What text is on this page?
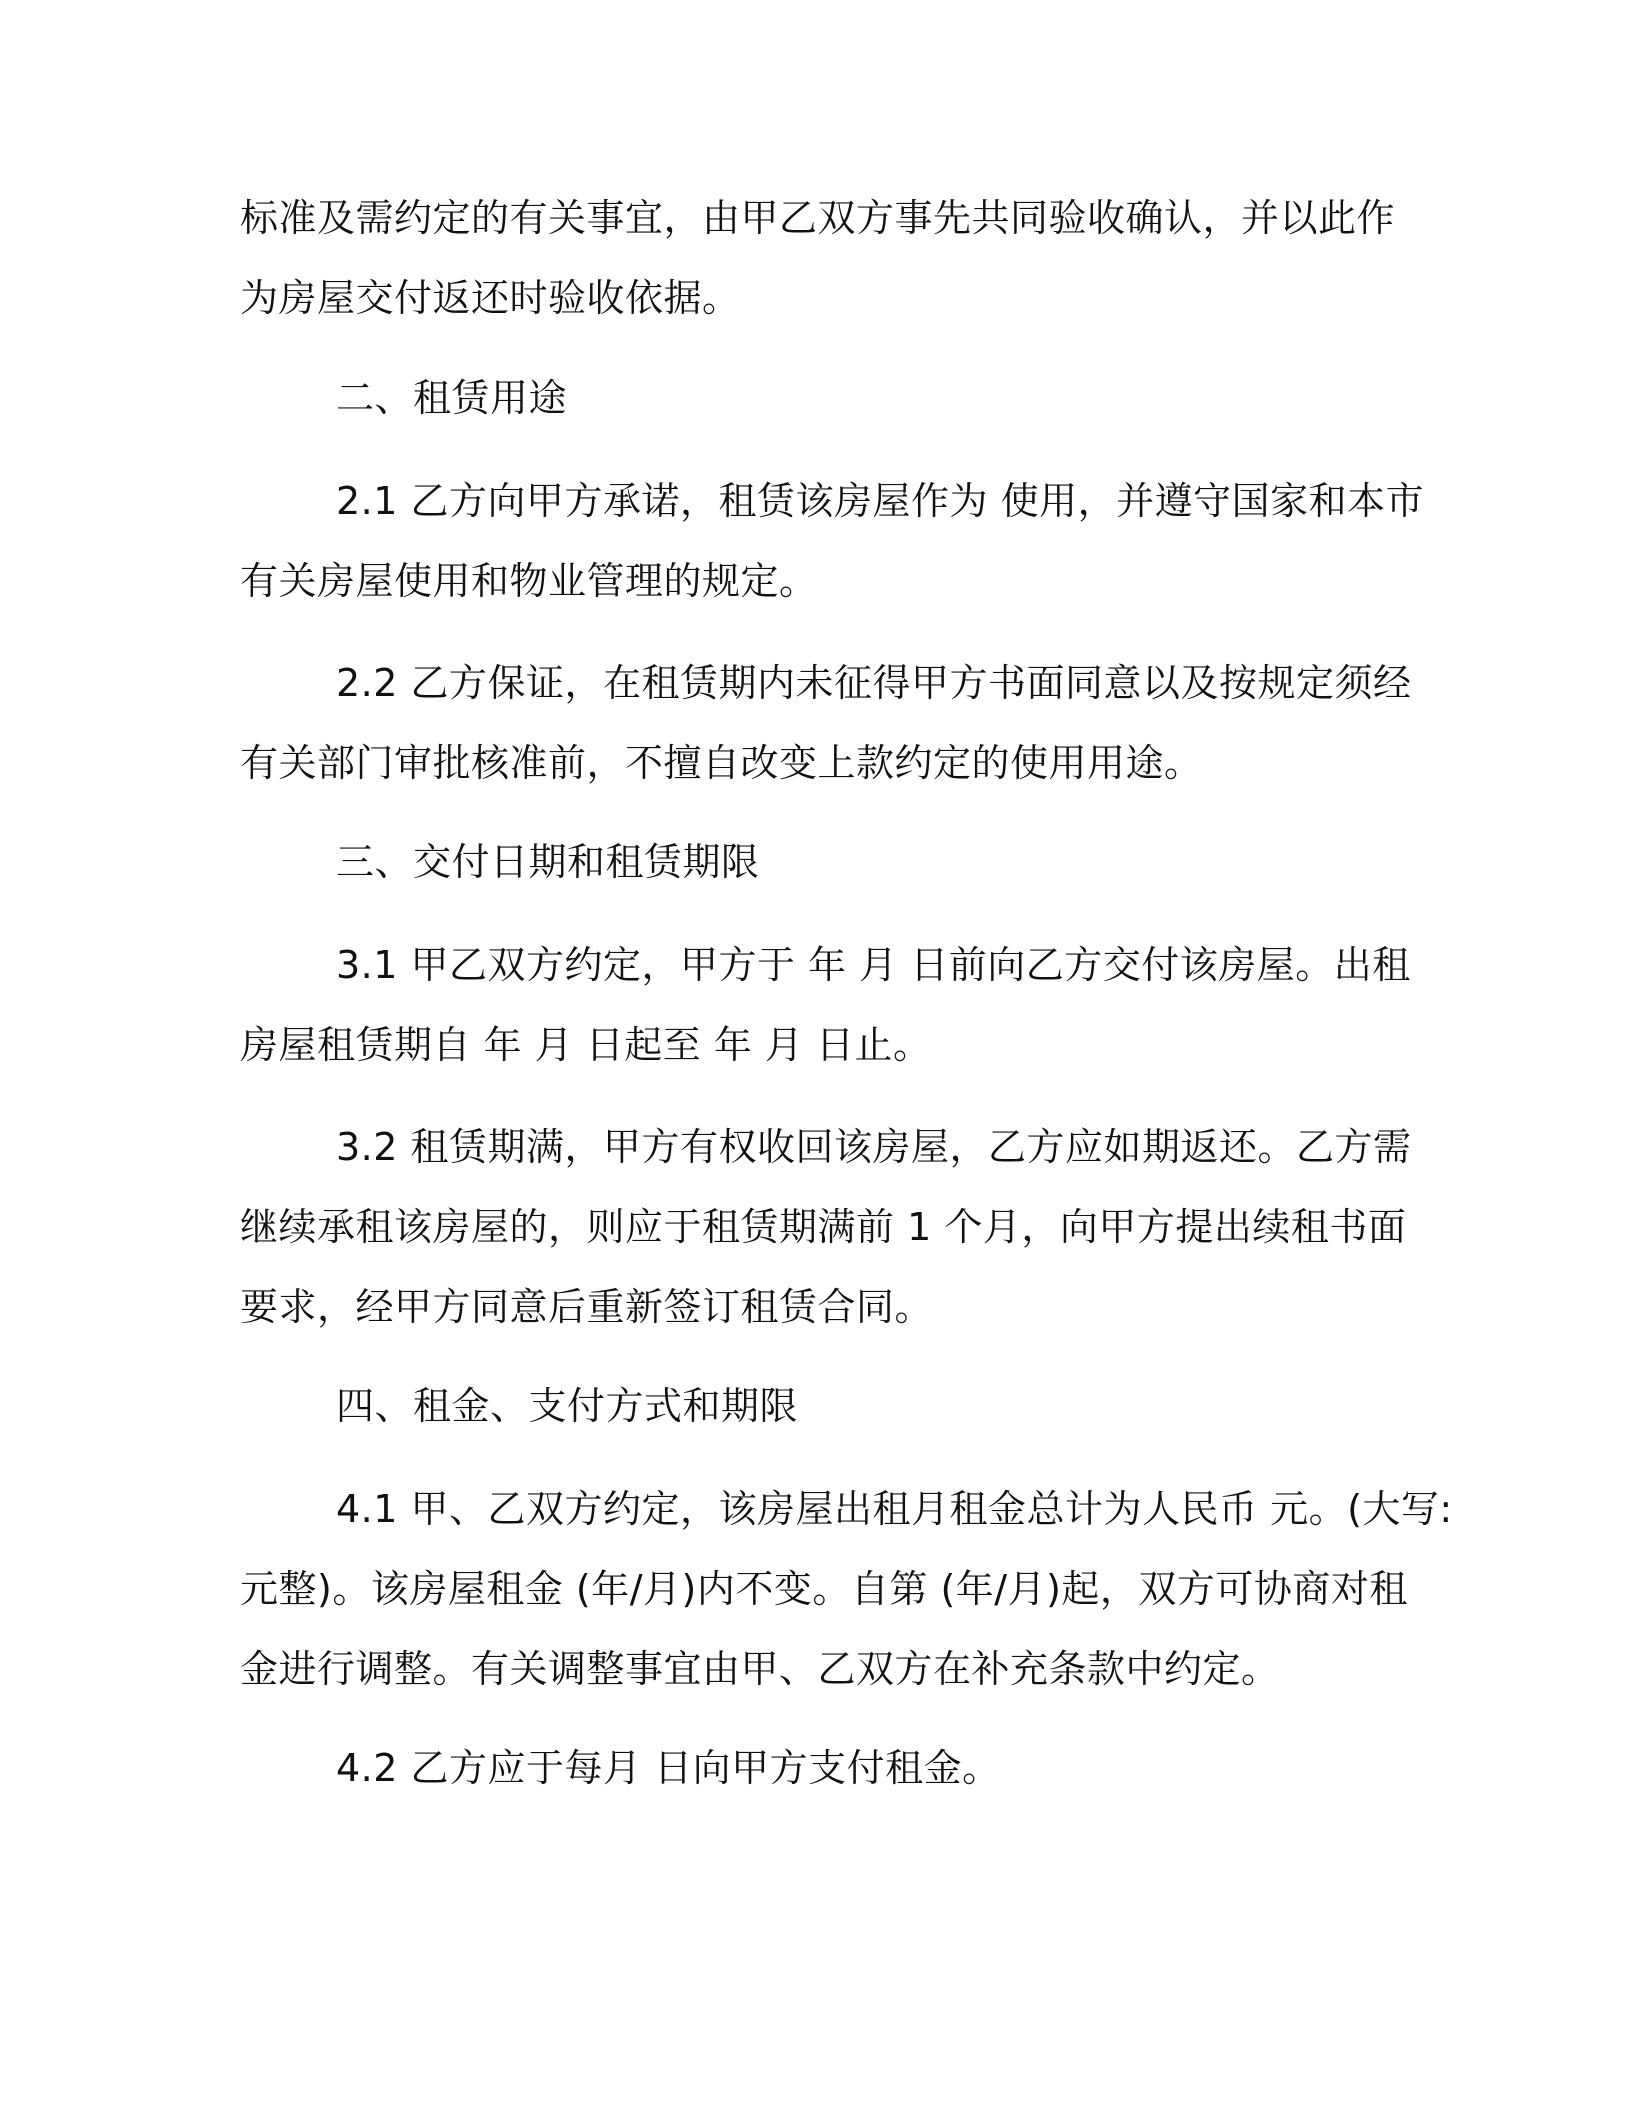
标准及需约定的有关事宜，由甲乙双方事先共同验收确认，并以此作
为房屋交付返还时验收依据。
二、租赁用途
2.1 乙方向甲方承诺，租赁该房屋作为 使用，并遵守国家和本市
有关房屋使用和物业管理的规定。
2.2 乙方保证，在租赁期内未征得甲方书面同意以及按规定须经
有关部门审批核准前，不擅自改变上款约定的使用用途。
三、交付日期和租赁期限
3.1 甲乙双方约定，甲方于 年 月 日前向乙方交付该房屋。出租
房屋租赁期自 年 月 日起至 年 月 日止。
3.2 租赁期满，甲方有权收回该房屋，乙方应如期返还。乙方需
继续承租该房屋的，则应于租赁期满前 1 个月，向甲方提出续租书面
要求，经甲方同意后重新签订租赁合同。
四、租金、支付方式和期限
4.1 甲、乙双方约定，该房屋出租月租金总计为人民币 元。(大写:
元整)。该房屋租金 (年/月)内不变。自第 (年/月)起，双方可协商对租
金进行调整。有关调整事宜由甲、乙双方在补充条款中约定。
4.2 乙方应于每月 日向甲方支付租金。
